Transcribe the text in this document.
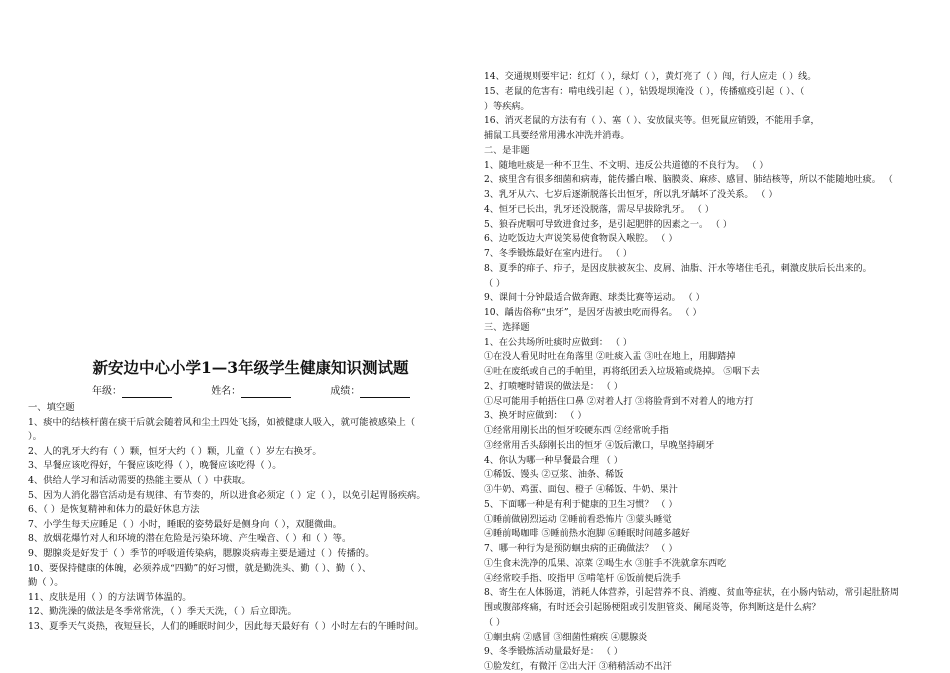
新安边中心小学1—3年级学生健康知识测试题
年级：	姓名：	成绩：
一、填空题
1、痰中的结核杆菌在痰干后就会随着风和尘土四处飞扬，如被健康人吸入，就可能被感染上（
）。
2、人的乳牙大约有（ ）颗，恒牙大约（ ）颗，儿童（ ）岁左右换牙。
3、早餐应该吃得好，午餐应该吃得（ ），晚餐应该吃得（ ）。
4、供给人学习和活动需要的热能主要从（ ）中获取。
5、因为人消化器官活动是有规律、有节奏的，所以进食必须定（ ）定（ ），以免引起胃肠疾病。
6、（ ）是恢复精神和体力的最好休息方法
7、小学生每天应睡足（ ）小时，睡眠的姿势最好是侧身向（ ），双腿微曲。
8、放烟花爆竹对人和环境的潜在危险是污染环境、产生噪音、（ ）和（ ）等。
9、腮腺炎是好发于（ ）季节的呼吸道传染病，腮腺炎病毒主要是通过（ ）传播的。
10、要保持健康的体魄，必须养成“四勤”的好习惯，就是勤洗头、勤（ ）、勤（ ）、
勤（ ）。
11、皮肤是用（ ）的方法调节体温的。
12、勤洗澡的做法是冬季常常洗，（ ）季天天洗，（ ）后立即洗。
13、夏季天气炎热，夜短昼长，人们的睡眠时间少，因此每天最好有（ ）小时左右的午睡时间。
14、交通规则要牢记：红灯（ ），绿灯（ ），黄灯亮了（ ）闯，行人应走（ ）线。
15、老鼠的危害有：啃电线引起（ ），钻毁堤坝淹没（ ），传播瘟疫引起（ ）、（
）等疾病。
16、消灭老鼠的方法有有（ ）、塞（ ）、安放鼠夹等。但死鼠应销毁，不能用手拿，
捕鼠工具要经常用沸水冲洗并消毒。
二、是非题
1、随地吐痰是一种不卫生、不文明、违反公共道德的不良行为。 （ ）
2、痰里含有很多细菌和病毒，能传播白喉、脑膜炎、麻疹、感冒、肺结核等，所以不能随地吐痰。 （
3、乳牙从六、七岁后逐渐脱落长出恒牙，所以乳牙龋坏了没关系。 （ ）
4、恒牙已长出，乳牙还没脱落，需尽早拔除乳牙。 （ ）
5、狼吞虎咽可导致进食过多，是引起肥胖的因素之一。 （ ）
6、边吃饭边大声说笑易使食物误入喉腔。 （ ）
7、冬季锻炼最好在室内进行。 （ ）
8、夏季的痱子、疖子，是因皮肤被灰尘、皮屑、油脂、汗水等堵住毛孔，刺激皮肤后长出来的。
（ ）
9、课间十分钟最适合做奔跑、球类比赛等运动。 （ ）
10、龋齿俗称“虫牙”，是因牙齿被虫吃而得名。 （ ）
三、选择题
1、在公共场所吐痰时应做到： （ ）
①在没人看见时吐在角落里 ②吐痰入盂 ③吐在地上，用脚踏掉
④吐在废纸或自己的手帕里，再将纸团丢入垃圾箱或烧掉。 ⑤咽下去
2、打喷嚏时错误的做法是： （ ）
①尽可能用手帕捂住口鼻 ②对着人打 ③将脸背到不对着人的地方打
3、换牙时应做到： （ ）
①经常用刚长出的恒牙咬硬东西 ②经常吮手指
③经常用舌头舔刚长出的恒牙 ④饭后漱口，早晚坚持刷牙
4、你认为哪一种早餐最合理 （ ）
①稀饭、馒头 ②豆浆、油条、稀饭
③牛奶、鸡蛋、面包、橙子 ④稀饭、牛奶、果汁
5、下面哪一种是有利于健康的卫生习惯？ （ ）
①睡前做剧烈运动 ②睡前看恐怖片 ③蒙头睡觉
④睡前喝咖啡 ⑤睡前热水泡脚 ⑥睡眠时间越多越好
7、哪一种行为是预防蛔虫病的正确做法？ （ ）
①生食未洗净的瓜果、凉菜 ②喝生水 ③脏手不洗就拿东西吃
④经常咬手指、咬指甲 ⑤啃笔杆 ⑥饭前便后洗手
8、寄生在人体肠道，消耗人体营养，引起营养不良、消瘦、贫血等症状，在小肠内钻动，常引起肚脐周
围或腹部疼痛，有时还会引起肠梗阻或引发胆管炎、阑尾炎等，你判断这是什么病？
（ ）
①蛔虫病 ②感冒 ③细菌性痢疾 ④腮腺炎
9、冬季锻炼活动量最好是： （ ）
①脸发红，有微汗 ②出大汗 ③稍稍活动不出汗
